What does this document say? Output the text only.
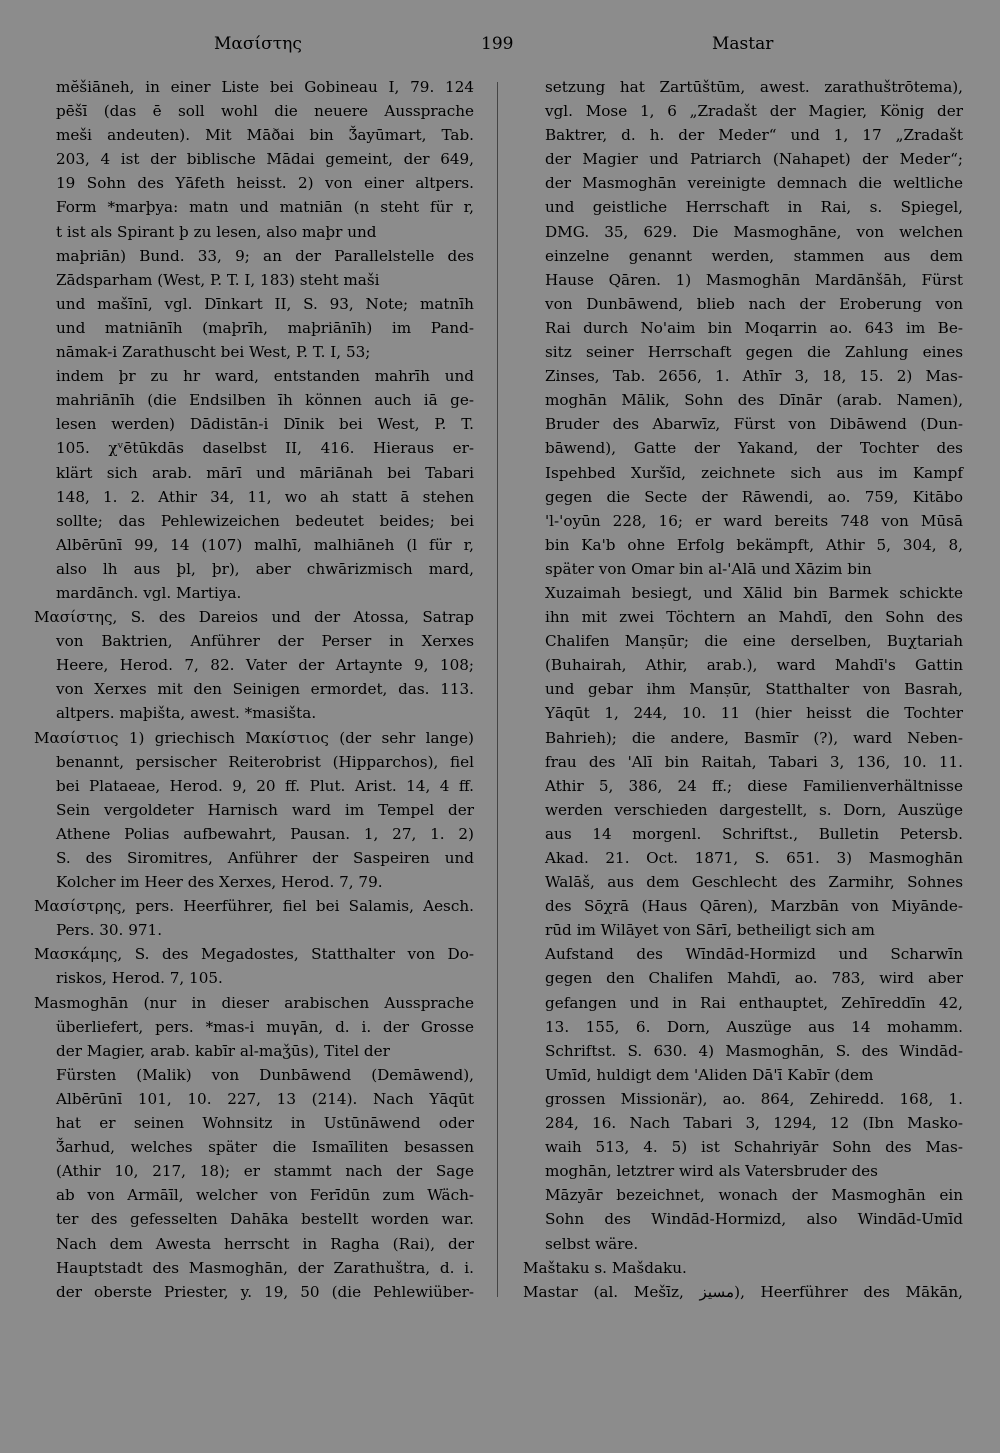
Μασίστης	199	Mastar
mĕšiāneh, in einer Liste bei Gobineau I, 79. 124
pēšī (das ē soll wohl die neuere Aussprache
meši andeuten). Mit Māðai bin Ǯayūmart, Tab.
203, 4 ist der biblische Mādai gemeint, der 649,
19 Sohn des Yāfeth heisst. 2) von einer altpers.
Form *marþya: matn und matniān (n steht für r,
t ist als Spirant þ zu lesen, also maþr und
maþriān) Bund. 33, 9; an der Parallelstelle des
Zādsparham (West, P. T. I, 183) steht maši
und mašīnī, vgl. Dīnkart II, S. 93, Note; matnīh
und matniānīh (maþrīh, maþriānīh) im Pand-
nāmak-i Zarathuscht bei West, P. T. I, 53;
indem þr zu hr ward, entstanden mahrīh und
mahriānīh (die Endsilben īh können auch iā ge-
lesen werden) Dādistān-i Dīnik bei West, P. T.
105. χᵛētūkdās daselbst II, 416. Hieraus er-
klärt sich arab. mārī und māriānah bei Tabari
148, 1. 2. Athir 34, 11, wo ah statt ā stehen
sollte; das Pehlewizeichen bedeutet beides; bei
Albērūnī 99, 14 (107) malhī, malhiāneh (l für r,
also lh aus þl, þr), aber chwārizmisch mard,
mardānch. vgl. Martiya.
Μασίστης, S. des Dareios und der Atossa, Satrap
von Baktrien, Anführer der Perser in Xerxes
Heere, Herod. 7, 82. Vater der Artaynte 9, 108;
von Xerxes mit den Seinigen ermordet, das. 113.
altpers. maþišta, awest. *masišta.
Μασίστιος 1) griechisch Μακίστιος (der sehr lange)
benannt, persischer Reiterobrist (Hipparchos), fiel
bei Plataeae, Herod. 9, 20 ff. Plut. Arist. 14, 4 ff.
Sein vergoldeter Harnisch ward im Tempel der
Athene Polias aufbewahrt, Pausan. 1, 27, 1. 2)
S. des Siromitres, Anführer der Saspeiren und
Kolcher im Heer des Xerxes, Herod. 7, 79.
Μασίστρης, pers. Heerführer, fiel bei Salamis, Aesch.
Pers. 30. 971.
Μασκάμης, S. des Megadostes, Statthalter von Do-
riskos, Herod. 7, 105.
Masmoghān (nur in dieser arabischen Aussprache
überliefert, pers. *mas-i muγān, d. i. der Grosse
der Magier, arab. kabīr al-maǯūs), Titel der
Fürsten (Malik) von Dunbāwend (Demāwend),
Albērūnī 101, 10. 227, 13 (214). Nach Yāqūt
hat er seinen Wohnsitz in Ustūnāwend oder
Ǯarhud, welches später die Ismaīliten besassen
(Athir 10, 217, 18); er stammt nach der Sage
ab von Armāīl, welcher von Ferīdūn zum Wäch-
ter des gefesselten Dahāka bestellt worden war.
Nach dem Awesta herrscht in Ragha (Rai), der
Hauptstadt des Masmoghān, der Zarathuštra, d. i.
der oberste Priester, y. 19, 50 (die Pehlewiüber-
setzung hat Zartūštūm, awest. zarathuštrōtema),
vgl. Mose 1, 6 „Zradašt der Magier, König der
Baktrer, d. h. der Meder“ und 1, 17 „Zradašt
der Magier und Patriarch (Nahapet) der Meder“;
der Masmoghān vereinigte demnach die weltliche
und geistliche Herrschaft in Rai, s. Spiegel,
DMG. 35, 629. Die Masmoghāne, von welchen
einzelne genannt werden, stammen aus dem
Hause Qāren. 1) Masmoghān Mardānšāh, Fürst
von Dunbāwend, blieb nach der Eroberung von
Rai durch No'aim bin Moqarrin ao. 643 im Be-
sitz seiner Herrschaft gegen die Zahlung eines
Zinses, Tab. 2656, 1. Athīr 3, 18, 15. 2) Mas-
moghān Mālik, Sohn des Dīnār (arab. Namen),
Bruder des Abarwīz, Fürst von Dibāwend (Dun-
bāwend), Gatte der Yakand, der Tochter des
Ispehbed Xuršīd, zeichnete sich aus im Kampf
gegen die Secte der Rāwendi, ao. 759, Kitābo
'l-'oyūn 228, 16; er ward bereits 748 von Mūsā
bin Ka'b ohne Erfolg bekämpft, Athir 5, 304, 8,
später von Omar bin al-'Alā und Xāzim bin
Xuzaimah besiegt, und Xālid bin Barmek schickte
ihn mit zwei Töchtern an Mahdī, den Sohn des
Chalifen Manṣūr; die eine derselben, Buχtariah
(Buhairah, Athir, arab.), ward Mahdī's Gattin
und gebar ihm Manṣūr, Statthalter von Basrah,
Yāqūt 1, 244, 10. 11 (hier heisst die Tochter
Bahrieh); die andere, Basmīr (?), ward Neben-
frau des 'Alī bin Raitah, Tabari 3, 136, 10. 11.
Athir 5, 386, 24 ff.; diese Familienverhältnisse
werden verschieden dargestellt, s. Dorn, Auszüge
aus 14 morgenl. Schriftst., Bulletin Petersb.
Akad. 21. Oct. 1871, S. 651. 3) Masmoghān
Walāš, aus dem Geschlecht des Zarmihr, Sohnes
des Sōχrā (Haus Qāren), Marzbān von Miyānde-
rūd im Wilāyet von Sārī, betheiligt sich am
Aufstand des Wīndād-Hormizd und Scharwīn
gegen den Chalifen Mahdī, ao. 783, wird aber
gefangen und in Rai enthauptet, Zehīreddīn 42,
13. 155, 6. Dorn, Auszüge aus 14 mohamm.
Schriftst. S. 630. 4) Masmoghān, S. des Windād-
Umīd, huldigt dem 'Aliden Dā'ī Kabīr (dem
grossen Missionär), ao. 864, Zehiredd. 168, 1.
284, 16. Nach Tabari 3, 1294, 12 (Ibn Masko-
waih 513, 4. 5) ist Schahriyār Sohn des Mas-
moghān, letztrer wird als Vatersbruder des
Māzyār bezeichnet, wonach der Masmoghān ein
Sohn des Windād-Hormizd, also Windād-Umīd
selbst wäre.
Maštaku s. Mašdaku.
Mastar (al. Mešīz, مسيز), Heerführer des Mākān,
